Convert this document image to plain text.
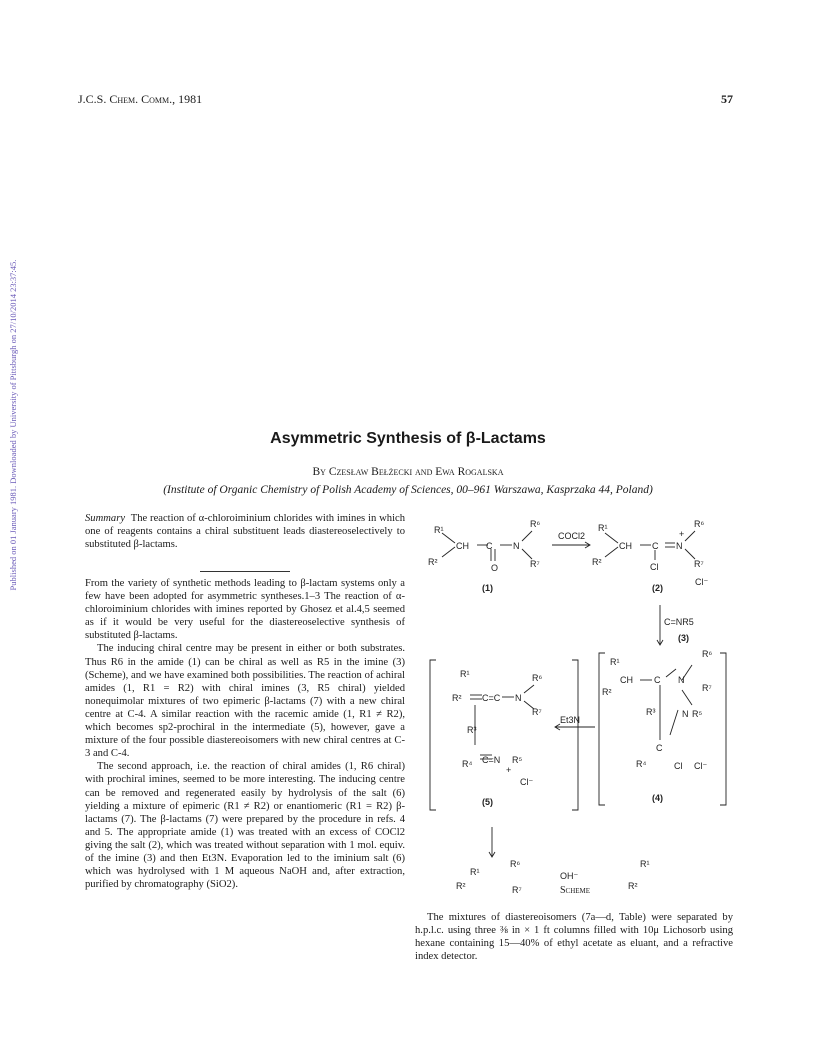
J.C.S. Chem. Comm., 1981	57
Published on 01 January 1981. Downloaded by University of Pittsburgh on 27/10/2014 23:37:45.	Asymmetric Synthesis of β-Lactams
By Czesław Bełżecki and Ewa Rogalska
(Institute of Organic Chemistry of Polish Academy of Sciences, 00–961 Warszawa, Kasprzaka 44, Poland)
Summary The reaction of α-chloroiminium chlorides with imines in which one of reagents contains a chiral substituent leads diastereoselectively to substituted β-lactams.

From the variety of synthetic methods leading to β-lactam systems only a few have been adopted for asymmetric syntheses.1–3 The reaction of α-chloroiminium chlorides with imines reported by Ghosez et al.4,5 seemed as if it would be very useful for the diastereoselective synthesis of substituted β-lactams.

The inducing chiral centre may be present in either or both substrates. Thus R6 in the amide (1) can be chiral as well as R5 in the imine (3) (Scheme), and we have examined both possibilities. The reaction of achiral amides (1, R1 = R2) with chiral imines (3, R5 chiral) yielded nonequimolar mixtures of two epimeric β-lactams (7) with a new chiral centre at C-4. A similar reaction with the racemic amide (1, R1 ≠ R2), which becomes sp2-prochiral in the intermediate (5), however, gave a mixture of the four possible diastereoisomers with new chiral centres at C-3 and C-4.

The second approach, i.e. the reaction of chiral amides (1, R6 chiral) with prochiral imines, seemed to be more interesting. The inducing centre can be removed and regenerated easily by hydrolysis of the salt (6) yielding a mixture of epimeric (R1 ≠ R2) or enantiomeric (R1 = R2) β-lactams (7). The β-lactams (7) were prepared by the procedure in refs. 4 and 5. The appropriate amide (1) was treated with an excess of COCl2 giving the salt (2), which was treated without separation with 1 mol. equiv. of the imine (3) and then Et3N. Evaporation led to the iminium salt (6) which was hydrolysed with 1 M aqueous NaOH and, after extraction, purified by chromatography (SiO2).

R¹
R²
CH C N
O
R⁶
R⁷
COCl2
R¹
R²
CH C N
+
Cl
R⁶
R⁷
Cl⁻
C=NR5
R¹
R² C=C N
R⁶
R⁷
R³
C=N
R⁴	R⁵
+
Cl⁻
Et3N
R¹
R²
CH C N
R⁶
R⁷
R³	N R⁵
C
R⁴	Cl Cl⁻
R¹
R²
R⁶
R⁷
OH⁻
R¹
R²
(1)	(2)
(3)
(4)
(5)
Scheme

The mixtures of diastereoisomers (7a—d, Table) were separated by h.p.l.c. using three ⅜ in × 1 ft columns filled with 10μ Lichosorb using hexane containing 15—40% of ethyl acetate as eluant, and a refractive index detector.
